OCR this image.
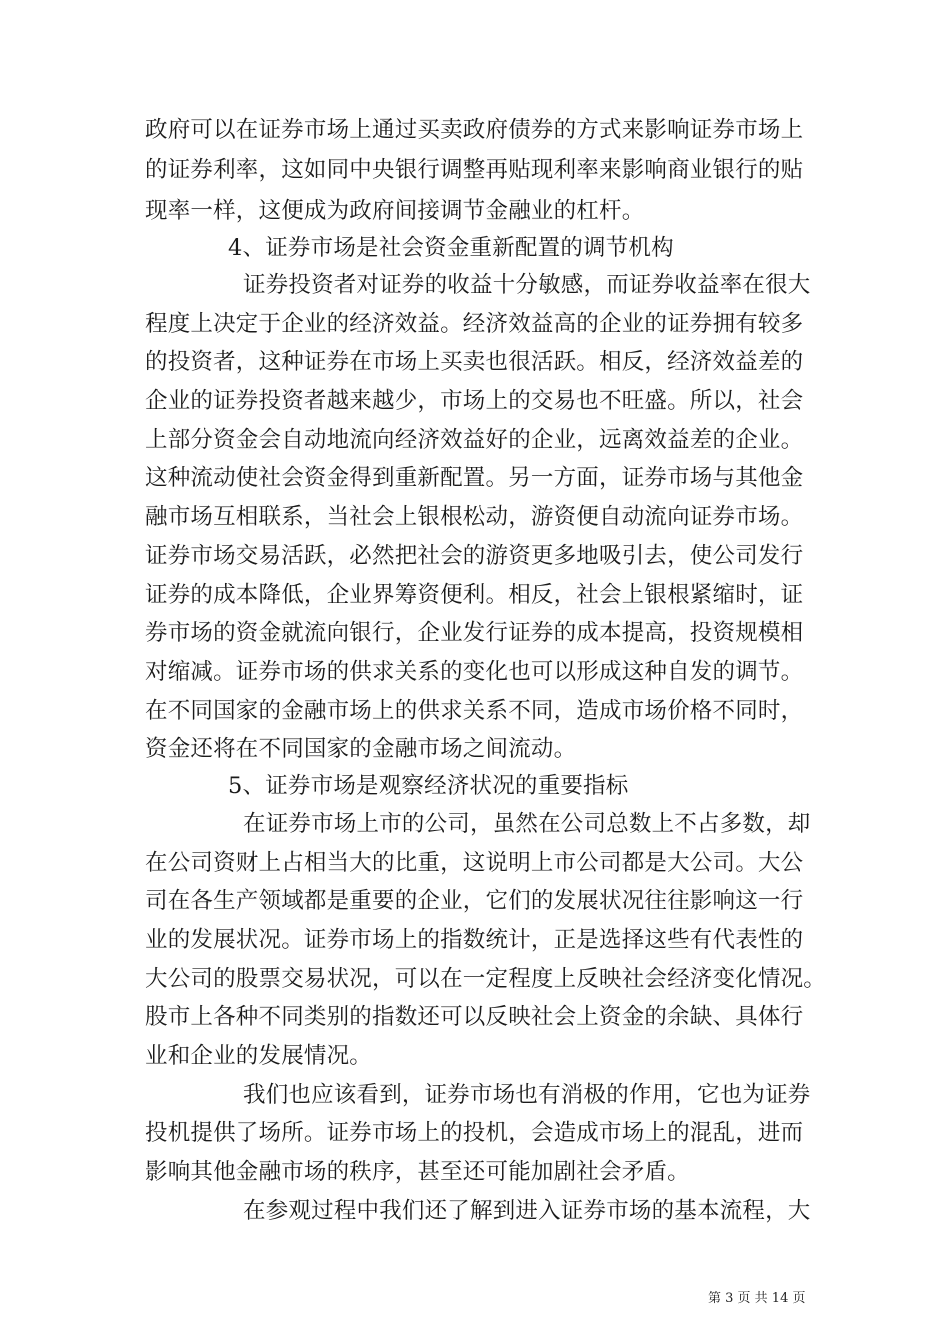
政府可以在证券市场上通过买卖政府债券的方式来影响证券市场上
的证券利率，这如同中央银行调整再贴现利率来影响商业银行的贴
现率一样，这便成为政府间接调节金融业的杠杆。
4、证券市场是社会资金重新配置的调节机构
证券投资者对证券的收益十分敏感，而证券收益率在很大
程度上决定于企业的经济效益。经济效益高的企业的证券拥有较多
的投资者，这种证券在市场上买卖也很活跃。相反，经济效益差的
企业的证券投资者越来越少，市场上的交易也不旺盛。所以，社会
上部分资金会自动地流向经济效益好的企业，远离效益差的企业。
这种流动使社会资金得到重新配置。另一方面，证券市场与其他金
融市场互相联系，当社会上银根松动，游资便自动流向证券市场。
证券市场交易活跃，必然把社会的游资更多地吸引去，使公司发行
证券的成本降低，企业界筹资便利。相反，社会上银根紧缩时，证
券市场的资金就流向银行，企业发行证券的成本提高，投资规模相
对缩减。证券市场的供求关系的变化也可以形成这种自发的调节。
在不同国家的金融市场上的供求关系不同，造成市场价格不同时，
资金还将在不同国家的金融市场之间流动。
5、证券市场是观察经济状况的重要指标
在证券市场上市的公司，虽然在公司总数上不占多数，却
在公司资财上占相当大的比重，这说明上市公司都是大公司。大公
司在各生产领域都是重要的企业，它们的发展状况往往影响这一行
业的发展状况。证券市场上的指数统计，正是选择这些有代表性的
大公司的股票交易状况，可以在一定程度上反映社会经济变化情况。
股市上各种不同类别的指数还可以反映社会上资金的余缺、具体行
业和企业的发展情况。
我们也应该看到，证券市场也有消极的作用，它也为证券
投机提供了场所。证券市场上的投机，会造成市场上的混乱，进而
影响其他金融市场的秩序，甚至还可能加剧社会矛盾。
在参观过程中我们还了解到进入证券市场的基本流程，大
第 3 页 共 14 页
